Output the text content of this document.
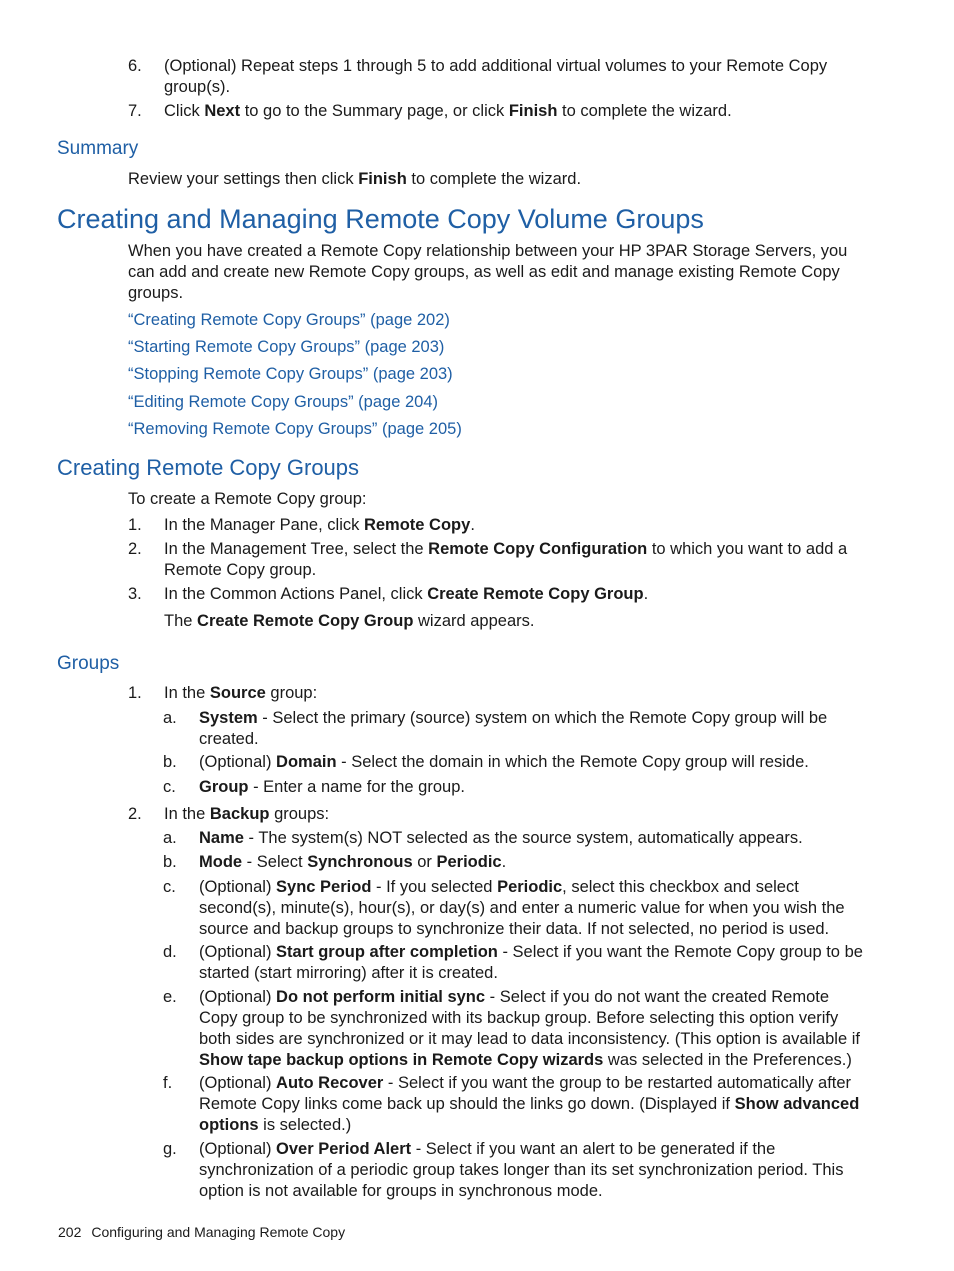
6.	(Optional) Repeat steps 1 through 5 to add additional virtual volumes to your Remote Copy group(s).
7.	Click Next to go to the Summary page, or click Finish to complete the wizard.
Summary
Review your settings then click Finish to complete the wizard.
Creating and Managing Remote Copy Volume Groups
When you have created a Remote Copy relationship between your HP 3PAR Storage Servers, you can add and create new Remote Copy groups, as well as edit and manage existing Remote Copy groups.
“Creating Remote Copy Groups” (page 202)
“Starting Remote Copy Groups” (page 203)
“Stopping Remote Copy Groups” (page 203)
“Editing Remote Copy Groups” (page 204)
“Removing Remote Copy Groups” (page 205)
Creating Remote Copy Groups
To create a Remote Copy group:
1.	In the Manager Pane, click Remote Copy.
2.	In the Management Tree, select the Remote Copy Configuration to which you want to add a Remote Copy group.
3.	In the Common Actions Panel, click Create Remote Copy Group.
The Create Remote Copy Group wizard appears.
Groups
1.	In the Source group:
a.	System - Select the primary (source) system on which the Remote Copy group will be created.
b.	(Optional) Domain - Select the domain in which the Remote Copy group will reside.
c.	Group - Enter a name for the group.
2.	In the Backup groups:
a.	Name - The system(s) NOT selected as the source system, automatically appears.
b.	Mode - Select Synchronous or Periodic.
c.	(Optional) Sync Period - If you selected Periodic, select this checkbox and select second(s), minute(s), hour(s), or day(s) and enter a numeric value for when you wish the source and backup groups to synchronize their data. If not selected, no period is used.
d.	(Optional) Start group after completion - Select if you want the Remote Copy group to be started (start mirroring) after it is created.
e.	(Optional) Do not perform initial sync - Select if you do not want the created Remote Copy group to be synchronized with its backup group. Before selecting this option verify both sides are synchronized or it may lead to data inconsistency. (This option is available if Show tape backup options in Remote Copy wizards was selected in the Preferences.)
f.	(Optional) Auto Recover - Select if you want the group to be restarted automatically after Remote Copy links come back up should the links go down. (Displayed if Show advanced options is selected.)
g.	(Optional) Over Period Alert - Select if you want an alert to be generated if the synchronization of a periodic group takes longer than its set synchronization period. This option is not available for groups in synchronous mode.
202 Configuring and Managing Remote Copy
